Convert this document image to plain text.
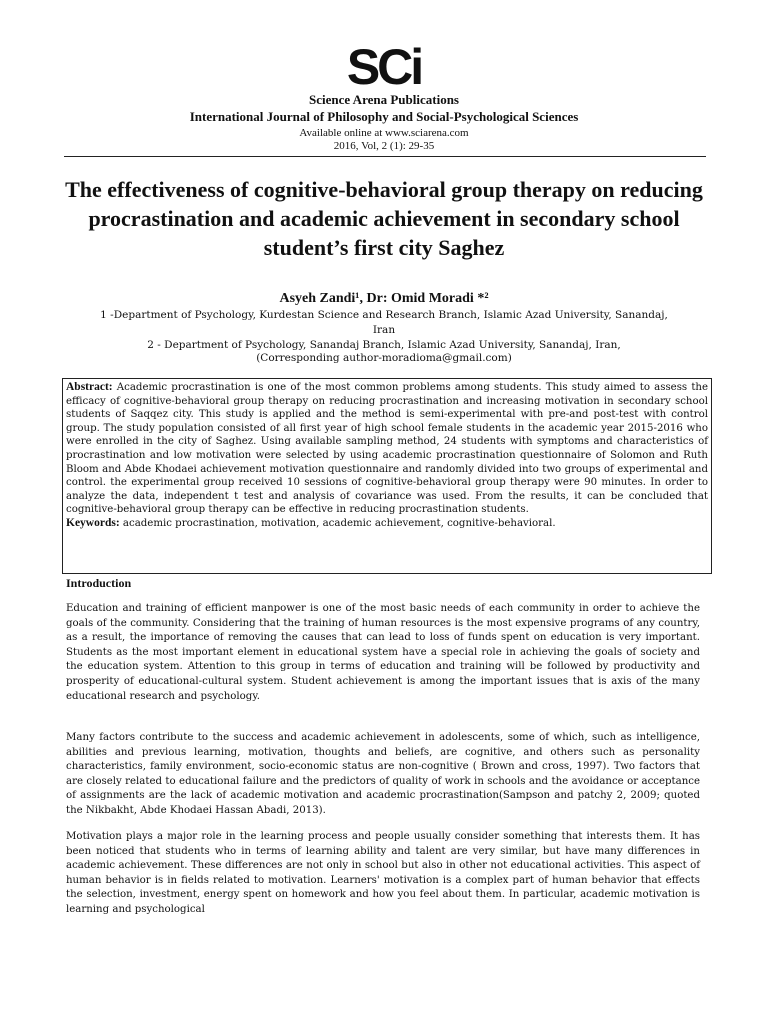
SCi
Science Arena Publications
International Journal of Philosophy and Social-Psychological Sciences
Available online at www.sciarena.com
2016, Vol, 2 (1): 29-35
The effectiveness of cognitive-behavioral group therapy on reducing procrastination and academic achievement in secondary school student’s first city Saghez
Asyeh Zandi¹, Dr: Omid Moradi *²
1 -Department of Psychology, Kurdestan Science and Research Branch, Islamic Azad University, Sanandaj, Iran
2 - Department of Psychology, Sanandaj Branch, Islamic Azad University, Sanandaj, Iran,
(Corresponding author-moradioma@gmail.com)
Abstract: Academic procrastination is one of the most common problems among students. This study aimed to assess the efficacy of cognitive-behavioral group therapy on reducing procrastination and increasing motivation in secondary school students of Saqqez city. This study is applied and the method is semi-experimental with pre-and post-test with control group. The study population consisted of all first year of high school female students in the academic year 2015-2016 who were enrolled in the city of Saghez. Using available sampling method, 24 students with symptoms and characteristics of procrastination and low motivation were selected by using academic procrastination questionnaire of Solomon and Ruth Bloom and Abde Khodaei achievement motivation questionnaire and randomly divided into two groups of experimental and control. the experimental group received 10 sessions of cognitive-behavioral group therapy were 90 minutes. In order to analyze the data, independent t test and analysis of covariance was used. From the results, it can be concluded that cognitive-behavioral group therapy can be effective in reducing procrastination students.
Keywords: academic procrastination, motivation, academic achievement, cognitive-behavioral.
Introduction
Education and training of efficient manpower is one of the most basic needs of each community in order to achieve the goals of the community. Considering that the training of human resources is the most expensive programs of any country, as a result, the importance of removing the causes that can lead to loss of funds spent on education is very important. Students as the most important element in educational system have a special role in achieving the goals of society and the education system. Attention to this group in terms of education and training will be followed by productivity and prosperity of educational-cultural system. Student achievement is among the important issues that is axis of the many educational research and psychology.
Many factors contribute to the success and academic achievement in adolescents, some of which, such as intelligence, abilities and previous learning, motivation, thoughts and beliefs, are cognitive, and others such as personality characteristics, family environment, socio-economic status are non-cognitive ( Brown and cross, 1997). Two factors that are closely related to educational failure and the predictors of quality of work in schools and the avoidance or acceptance of assignments are the lack of academic motivation and academic procrastination(Sampson and patchy 2, 2009; quoted the Nikbakht, Abde Khodaei Hassan Abadi, 2013).
Motivation plays a major role in the learning process and people usually consider something that interests them. It has been noticed that students who in terms of learning ability and talent are very similar, but have many differences in academic achievement. These differences are not only in school but also in other not educational activities. This aspect of human behavior is in fields related to motivation. Learners' motivation is a complex part of human behavior that effects the selection, investment, energy spent on homework and how you feel about them. In particular, academic motivation is learning and psychological
